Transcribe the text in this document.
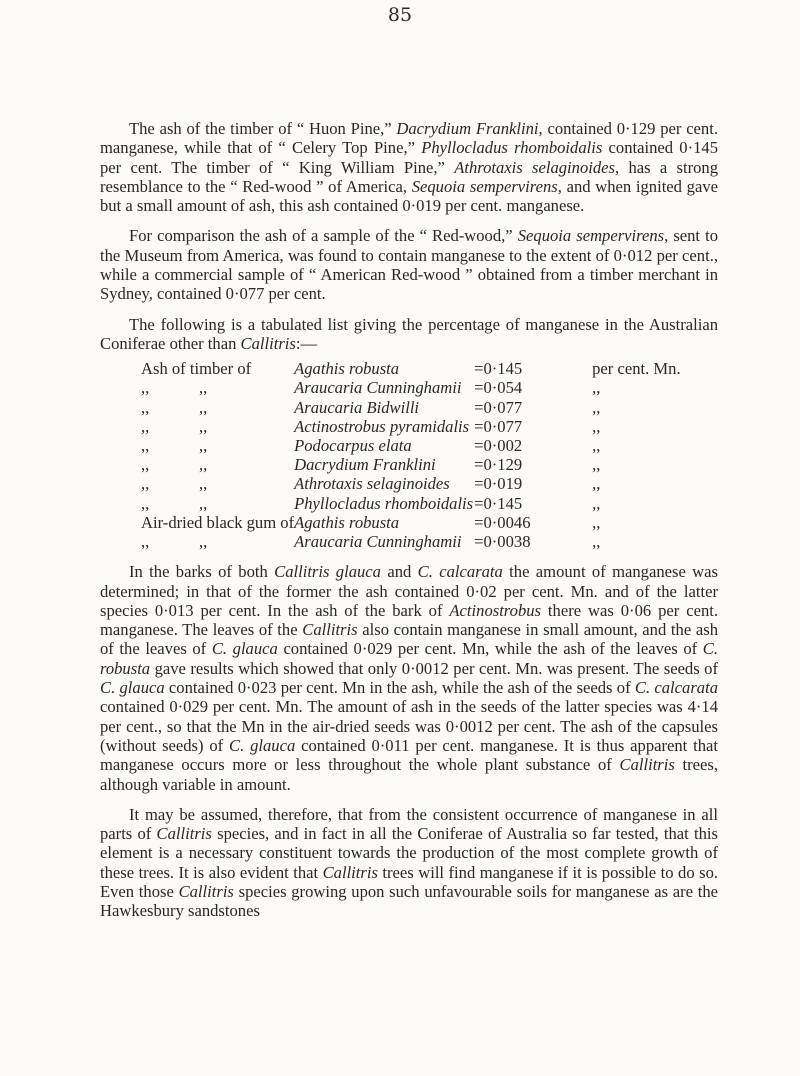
85

The ash of the timber of “ Huon Pine,” Dacrydium Franklini, contained 0·129 per cent. manganese, while that of “ Celery Top Pine,” Phyllocladus rhomboidalis contained 0·145 per cent. The timber of “ King William Pine,” Athrotaxis selaginoides, has a strong resemblance to the “ Red-wood ” of America, Sequoia sempervirens, and when ignited gave but a small amount of ash, this ash contained 0·019 per cent. manganese.

For comparison the ash of a sample of the “ Red-wood,” Sequoia sempervirens, sent to the Museum from America, was found to contain manganese to the extent of 0·012 per cent., while a commercial sample of “ American Red-wood ” obtained from a timber merchant in Sydney, contained 0·077 per cent.

The following is a tabulated list giving the percentage of manganese in the Australian Coniferae other than Callitris:—

Ash of timber of	Agathis robusta	=0·145	per cent. Mn.
,, ,,	Araucaria Cunninghamii	=0·054	,,
,, ,,	Araucaria Bidwilli	=0·077	,,
,, ,,	Actinostrobus pyramidalis	=0·077	,,
,, ,,	Podocarpus elata	=0·002	,,
,, ,,	Dacrydium Franklini	=0·129	,,
,, ,,	Athrotaxis selaginoides	=0·019	,,
,, ,,	Phyllocladus rhomboidalis	=0·145	,,
Air-dried black gum of	Agathis robusta	=0·0046	,,
,, ,,	Araucaria Cunninghamii	=0·0038	,,

In the barks of both Callitris glauca and C. calcarata the amount of manganese was determined; in that of the former the ash contained 0·02 per cent. Mn. and of the latter species 0·013 per cent. In the ash of the bark of Actinostrobus there was 0·06 per cent. manganese. The leaves of the Callitris also contain manganese in small amount, and the ash of the leaves of C. glauca contained 0·029 per cent. Mn, while the ash of the leaves of C. robusta gave results which showed that only 0·0012 per cent. Mn. was present. The seeds of C. glauca contained 0·023 per cent. Mn in the ash, while the ash of the seeds of C. calcarata contained 0·029 per cent. Mn. The amount of ash in the seeds of the latter species was 4·14 per cent., so that the Mn in the air-dried seeds was 0·0012 per cent. The ash of the capsules (without seeds) of C. glauca contained 0·011 per cent. manganese. It is thus apparent that manganese occurs more or less throughout the whole plant substance of Callitris trees, although variable in amount.

It may be assumed, therefore, that from the consistent occurrence of manganese in all parts of Callitris species, and in fact in all the Coniferae of Australia so far tested, that this element is a necessary constituent towards the production of the most complete growth of these trees. It is also evident that Callitris trees will find manganese if it is possible to do so. Even those Callitris species growing upon such unfavourable soils for manganese as are the Hawkesbury sandstones
